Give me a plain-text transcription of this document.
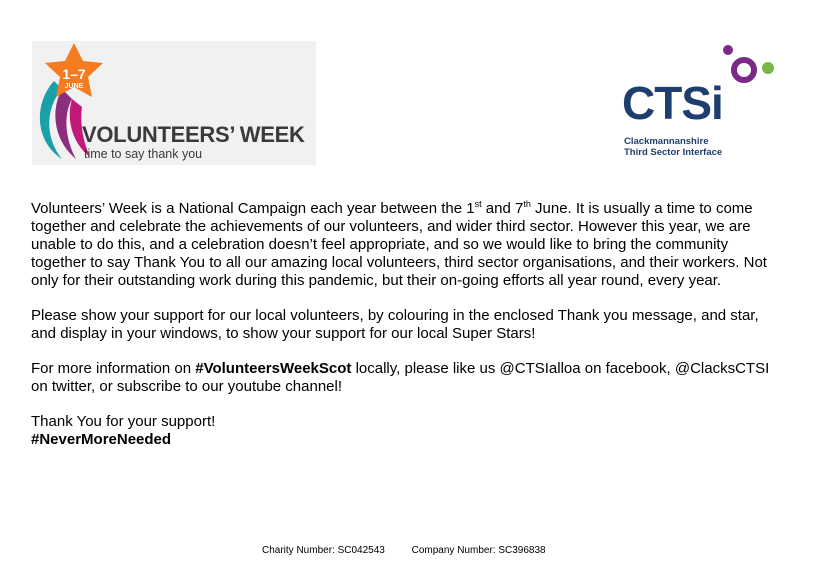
1–7
JUNE
VOLUNTEERS’ WEEK
time to say thank you
CTSi
Clackmannanshire
Third Sector Interface

Volunteers’ Week is a National Campaign each year between the 1st and 7th June. It is usually a time to come together and celebrate the achievements of our volunteers, and wider third sector. However this year, we are unable to do this, and a celebration doesn’t feel appropriate, and so we would like to bring the community together to say Thank You to all our amazing local volunteers, third sector organisations, and their workers. Not only for their outstanding work during this pandemic, but their on-going efforts all year round, every year.

Please show your support for our local volunteers, by colouring in the enclosed Thank you message, and star, and display in your windows, to show your support for our local Super Stars!

For more information on #VolunteersWeekScot locally, please like us @CTSIalloa on facebook, @ClacksCTSI on twitter, or subscribe to our youtube channel!

Thank You for your support!
#NeverMoreNeeded
Charity Number: SC042543	Company Number: SC396838
